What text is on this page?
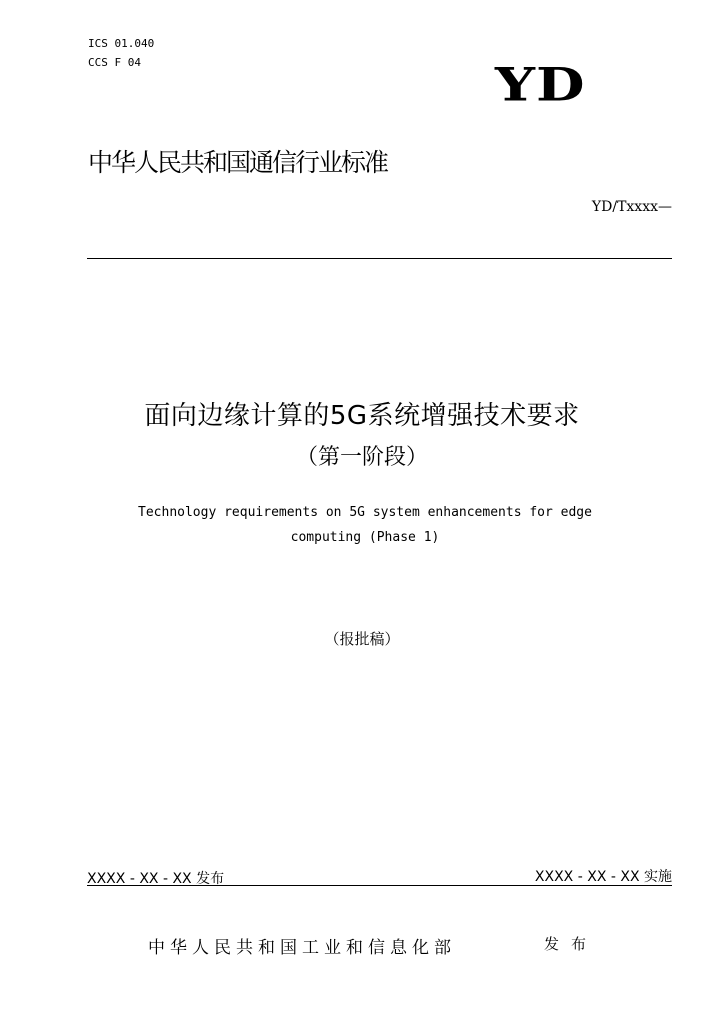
ICS 01.040
CCS F 04	YD
中华人民共和国通信行业标准
YD/Txxxx—
面向边缘计算的5G系统增强技术要求
（第一阶段）
Technology requirements on 5G system enhancements for edge computing (Phase 1)
（报批稿）
XXXX - XX - XX 发布	XXXX - XX - XX 实施
中华人民共和国工业和信息化部	发布
